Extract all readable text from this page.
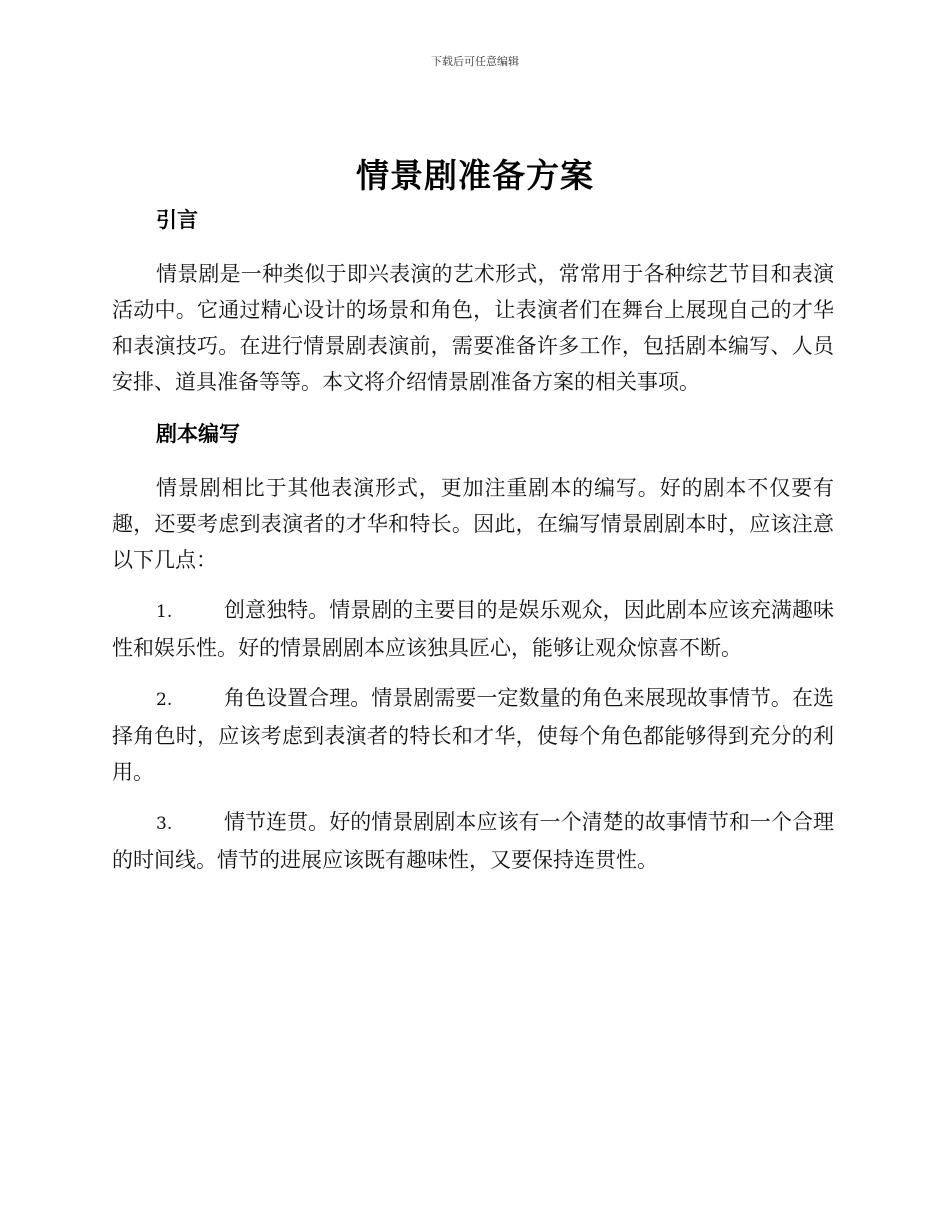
下载后可任意编辑
情景剧准备方案
引言

情景剧是一种类似于即兴表演的艺术形式，常常用于各种综艺节目和表演活动中。它通过精心设计的场景和角色，让表演者们在舞台上展现自己的才华和表演技巧。在进行情景剧表演前，需要准备许多工作，包括剧本编写、人员安排、道具准备等等。本文将介绍情景剧准备方案的相关事项。

剧本编写

情景剧相比于其他表演形式，更加注重剧本的编写。好的剧本不仅要有趣，还要考虑到表演者的才华和特长。因此，在编写情景剧剧本时，应该注意以下几点：

1. 创意独特。情景剧的主要目的是娱乐观众，因此剧本应该充满趣味性和娱乐性。好的情景剧剧本应该独具匠心，能够让观众惊喜不断。

2. 角色设置合理。情景剧需要一定数量的角色来展现故事情节。在选择角色时，应该考虑到表演者的特长和才华，使每个角色都能够得到充分的利用。

3. 情节连贯。好的情景剧剧本应该有一个清楚的故事情节和一个合理的时间线。情节的进展应该既有趣味性，又要保持连贯性。
